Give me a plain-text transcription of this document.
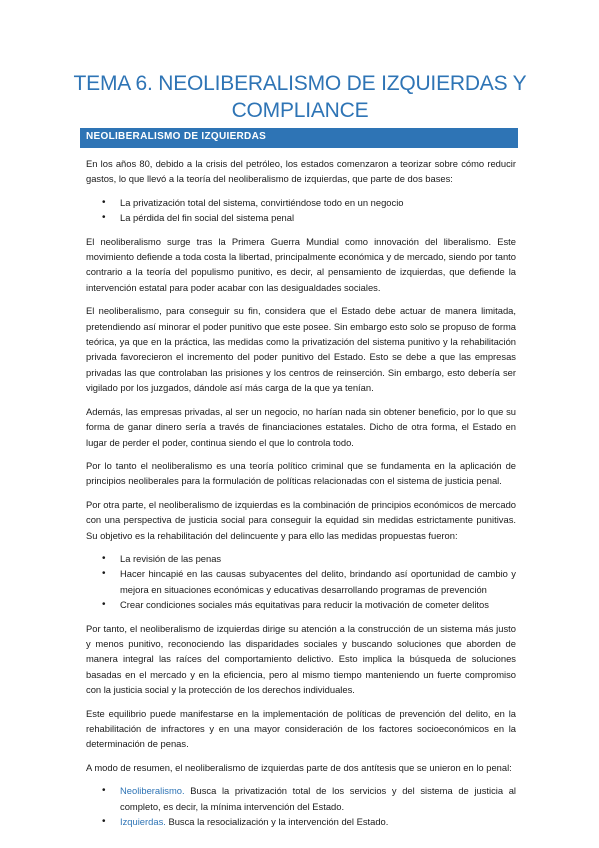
TEMA 6. NEOLIBERALISMO DE IZQUIERDAS Y COMPLIANCE
NEOLIBERALISMO DE IZQUIERDAS

En los años 80, debido a la crisis del petróleo, los estados comenzaron a teorizar sobre cómo reducir gastos, lo que llevó a la teoría del neoliberalismo de izquierdas, que parte de dos bases:

• La privatización total del sistema, convirtiéndose todo en un negocio
• La pérdida del fin social del sistema penal

El neoliberalismo surge tras la Primera Guerra Mundial como innovación del liberalismo. Este movimiento defiende a toda costa la libertad, principalmente económica y de mercado, siendo por tanto contrario a la teoría del populismo punitivo, es decir, al pensamiento de izquierdas, que defiende la intervención estatal para poder acabar con las desigualdades sociales.

El neoliberalismo, para conseguir su fin, considera que el Estado debe actuar de manera limitada, pretendiendo así minorar el poder punitivo que este posee. Sin embargo esto solo se propuso de forma teórica, ya que en la práctica, las medidas como la privatización del sistema punitivo y la rehabilitación privada favorecieron el incremento del poder punitivo del Estado. Esto se debe a que las empresas privadas las que controlaban las prisiones y los centros de reinserción. Sin embargo, esto debería ser vigilado por los juzgados, dándole así más carga de la que ya tenían.

Además, las empresas privadas, al ser un negocio, no harían nada sin obtener beneficio, por lo que su forma de ganar dinero sería a través de financiaciones estatales. Dicho de otra forma, el Estado en lugar de perder el poder, continua siendo el que lo controla todo.

Por lo tanto el neoliberalismo es una teoría político criminal que se fundamenta en la aplicación de principios neoliberales para la formulación de políticas relacionadas con el sistema de justicia penal.

Por otra parte, el neoliberalismo de izquierdas es la combinación de principios económicos de mercado con una perspectiva de justicia social para conseguir la equidad sin medidas estrictamente punitivas. Su objetivo es la rehabilitación del delincuente y para ello las medidas propuestas fueron:

• La revisión de las penas
• Hacer hincapié en las causas subyacentes del delito, brindando así oportunidad de cambio y mejora en situaciones económicas y educativas desarrollando programas de prevención
• Crear condiciones sociales más equitativas para reducir la motivación de cometer delitos

Por tanto, el neoliberalismo de izquierdas dirige su atención a la construcción de un sistema más justo y menos punitivo, reconociendo las disparidades sociales y buscando soluciones que aborden de manera integral las raíces del comportamiento delictivo. Esto implica la búsqueda de soluciones basadas en el mercado y en la eficiencia, pero al mismo tiempo manteniendo un fuerte compromiso con la justicia social y la protección de los derechos individuales.

Este equilibrio puede manifestarse en la implementación de políticas de prevención del delito, en la rehabilitación de infractores y en una mayor consideración de los factores socioeconómicos en la determinación de penas.

A modo de resumen, el neoliberalismo de izquierdas parte de dos antítesis que se unieron en lo penal:

• Neoliberalismo. Busca la privatización total de los servicios y del sistema de justicia al completo, es decir, la mínima intervención del Estado.
• Izquierdas. Busca la resocialización y la intervención del Estado.
